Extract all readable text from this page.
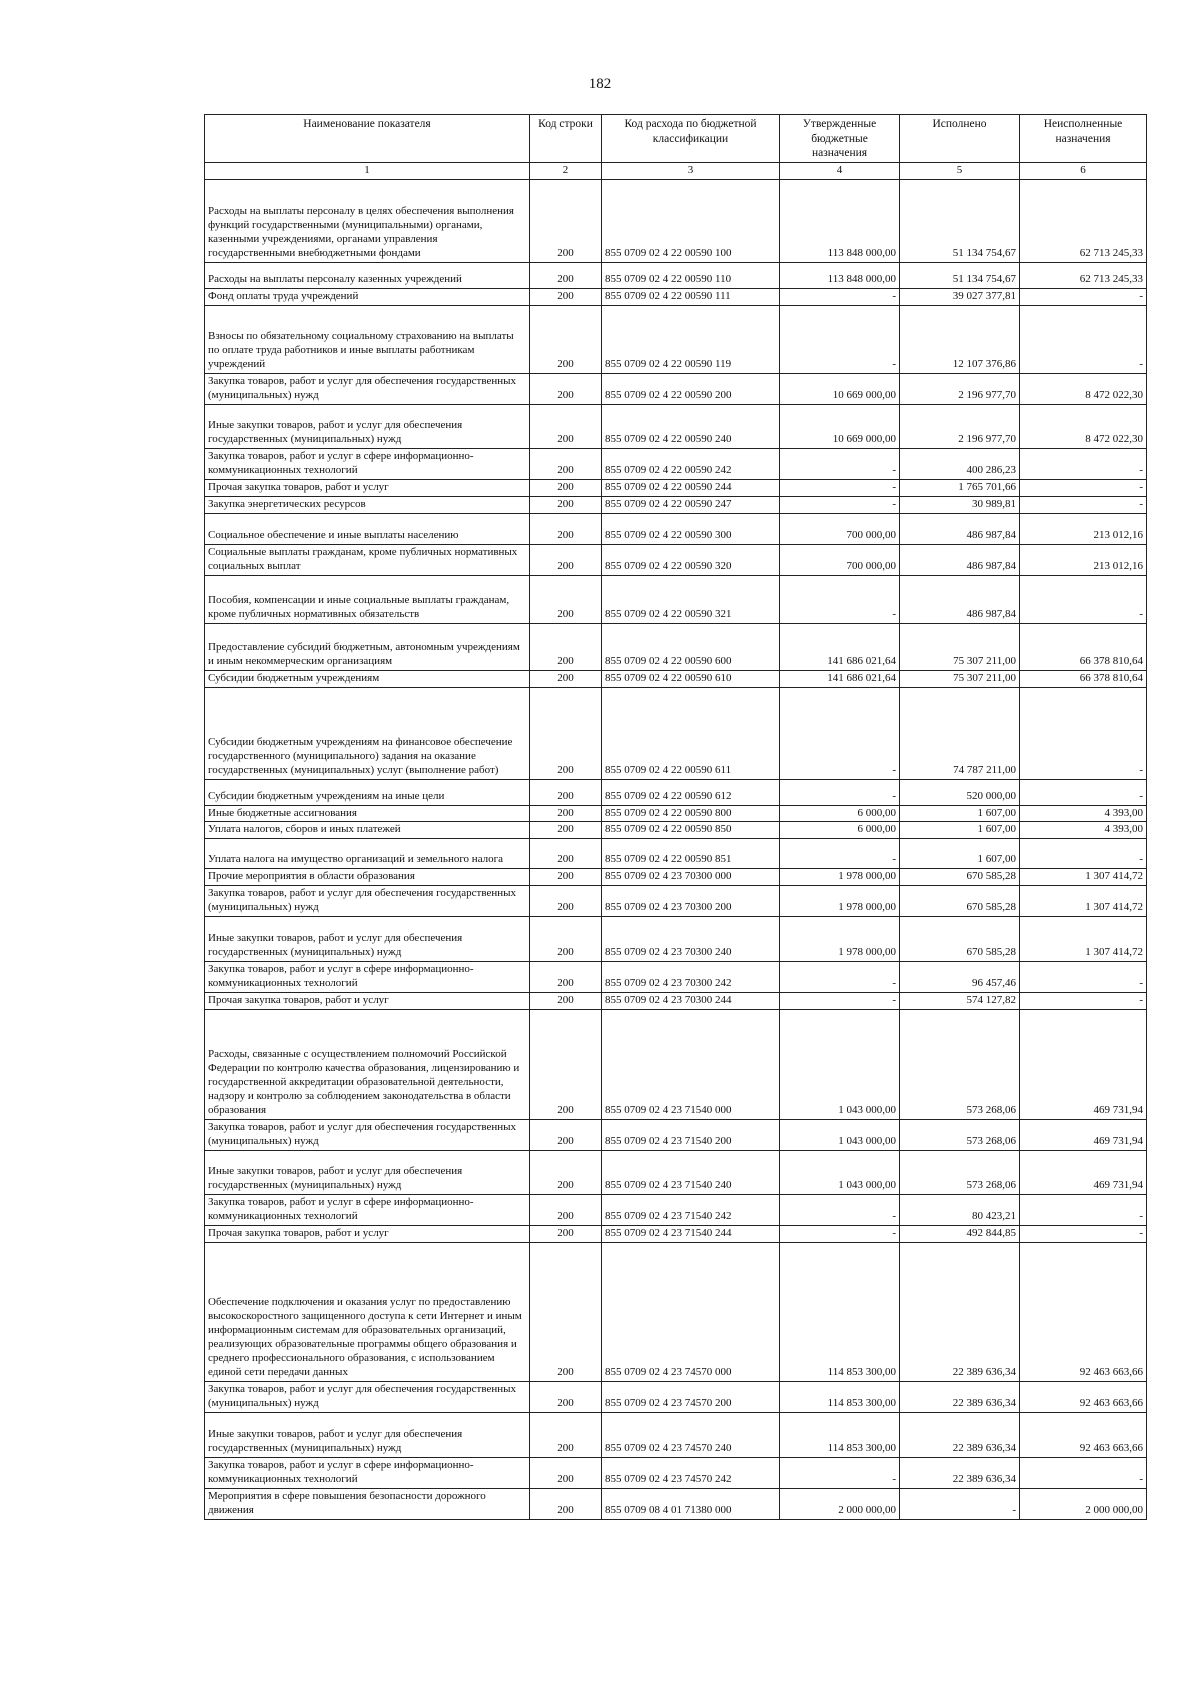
182
Наименование показателя	Код строки	Код расхода по бюджетной классификации	Утвержденные бюджетные назначения	Исполнено	Неисполненные назначения
1	2	3	4	5	6
Расходы на выплаты персоналу в целях обеспечения выполнения функций государственными (муниципальными) органами, казенными учреждениями, органами управления государственными внебюджетными фондами	200	855 0709 02 4 22 00590 100	113 848 000,00	51 134 754,67	62 713 245,33
Расходы на выплаты персоналу казенных учреждений	200	855 0709 02 4 22 00590 110	113 848 000,00	51 134 754,67	62 713 245,33
Фонд оплаты труда учреждений	200	855 0709 02 4 22 00590 111	-	39 027 377,81	-
Взносы по обязательному социальному страхованию на выплаты по оплате труда работников и иные выплаты работникам учреждений	200	855 0709 02 4 22 00590 119	-	12 107 376,86	-
Закупка товаров, работ и услуг для обеспечения государственных (муниципальных) нужд	200	855 0709 02 4 22 00590 200	10 669 000,00	2 196 977,70	8 472 022,30
Иные закупки товаров, работ и услуг для обеспечения государственных (муниципальных) нужд	200	855 0709 02 4 22 00590 240	10 669 000,00	2 196 977,70	8 472 022,30
Закупка товаров, работ и услуг в сфере информационно-коммуникационных технологий	200	855 0709 02 4 22 00590 242	-	400 286,23	-
Прочая закупка товаров, работ и услуг	200	855 0709 02 4 22 00590 244	-	1 765 701,66	-
Закупка энергетических ресурсов	200	855 0709 02 4 22 00590 247	-	30 989,81	-
Социальное обеспечение и иные выплаты населению	200	855 0709 02 4 22 00590 300	700 000,00	486 987,84	213 012,16
Социальные выплаты гражданам, кроме публичных нормативных социальных выплат	200	855 0709 02 4 22 00590 320	700 000,00	486 987,84	213 012,16
Пособия, компенсации и иные социальные выплаты гражданам, кроме публичных нормативных обязательств	200	855 0709 02 4 22 00590 321	-	486 987,84	-
Предоставление субсидий бюджетным, автономным учреждениям и иным некоммерческим организациям	200	855 0709 02 4 22 00590 600	141 686 021,64	75 307 211,00	66 378 810,64
Субсидии бюджетным учреждениям	200	855 0709 02 4 22 00590 610	141 686 021,64	75 307 211,00	66 378 810,64
Субсидии бюджетным учреждениям на финансовое обеспечение государственного (муниципального) задания на оказание государственных (муниципальных) услуг (выполнение работ)	200	855 0709 02 4 22 00590 611	-	74 787 211,00	-
Субсидии бюджетным учреждениям на иные цели	200	855 0709 02 4 22 00590 612	-	520 000,00	-
Иные бюджетные ассигнования	200	855 0709 02 4 22 00590 800	6 000,00	1 607,00	4 393,00
Уплата налогов, сборов и иных платежей	200	855 0709 02 4 22 00590 850	6 000,00	1 607,00	4 393,00
Уплата налога на имущество организаций и земельного налога	200	855 0709 02 4 22 00590 851	-	1 607,00	-
Прочие мероприятия в области образования	200	855 0709 02 4 23 70300 000	1 978 000,00	670 585,28	1 307 414,72
Закупка товаров, работ и услуг для обеспечения государственных (муниципальных) нужд	200	855 0709 02 4 23 70300 200	1 978 000,00	670 585,28	1 307 414,72
Иные закупки товаров, работ и услуг для обеспечения государственных (муниципальных) нужд	200	855 0709 02 4 23 70300 240	1 978 000,00	670 585,28	1 307 414,72
Закупка товаров, работ и услуг в сфере информационно-коммуникационных технологий	200	855 0709 02 4 23 70300 242	-	96 457,46	-
Прочая закупка товаров, работ и услуг	200	855 0709 02 4 23 70300 244	-	574 127,82	-
Расходы, связанные с осуществлением полномочий Российской Федерации по контролю качества образования, лицензированию и государственной аккредитации образовательной деятельности, надзору и контролю за соблюдением законодательства в области образования	200	855 0709 02 4 23 71540 000	1 043 000,00	573 268,06	469 731,94
Закупка товаров, работ и услуг для обеспечения государственных (муниципальных) нужд	200	855 0709 02 4 23 71540 200	1 043 000,00	573 268,06	469 731,94
Иные закупки товаров, работ и услуг для обеспечения государственных (муниципальных) нужд	200	855 0709 02 4 23 71540 240	1 043 000,00	573 268,06	469 731,94
Закупка товаров, работ и услуг в сфере информационно-коммуникационных технологий	200	855 0709 02 4 23 71540 242	-	80 423,21	-
Прочая закупка товаров, работ и услуг	200	855 0709 02 4 23 71540 244	-	492 844,85	-
Обеспечение подключения и оказания услуг по предоставлению высокоскоростного защищенного доступа к сети Интернет и иным информационным системам для образовательных организаций, реализующих образовательные программы общего образования и среднего профессионального образования, с использованием единой сети передачи данных	200	855 0709 02 4 23 74570 000	114 853 300,00	22 389 636,34	92 463 663,66
Закупка товаров, работ и услуг для обеспечения государственных (муниципальных) нужд	200	855 0709 02 4 23 74570 200	114 853 300,00	22 389 636,34	92 463 663,66
Иные закупки товаров, работ и услуг для обеспечения государственных (муниципальных) нужд	200	855 0709 02 4 23 74570 240	114 853 300,00	22 389 636,34	92 463 663,66
Закупка товаров, работ и услуг в сфере информационно-коммуникационных технологий	200	855 0709 02 4 23 74570 242	-	22 389 636,34	-
Мероприятия в сфере повышения безопасности дорожного движения	200	855 0709 08 4 01 71380 000	2 000 000,00	-	2 000 000,00
